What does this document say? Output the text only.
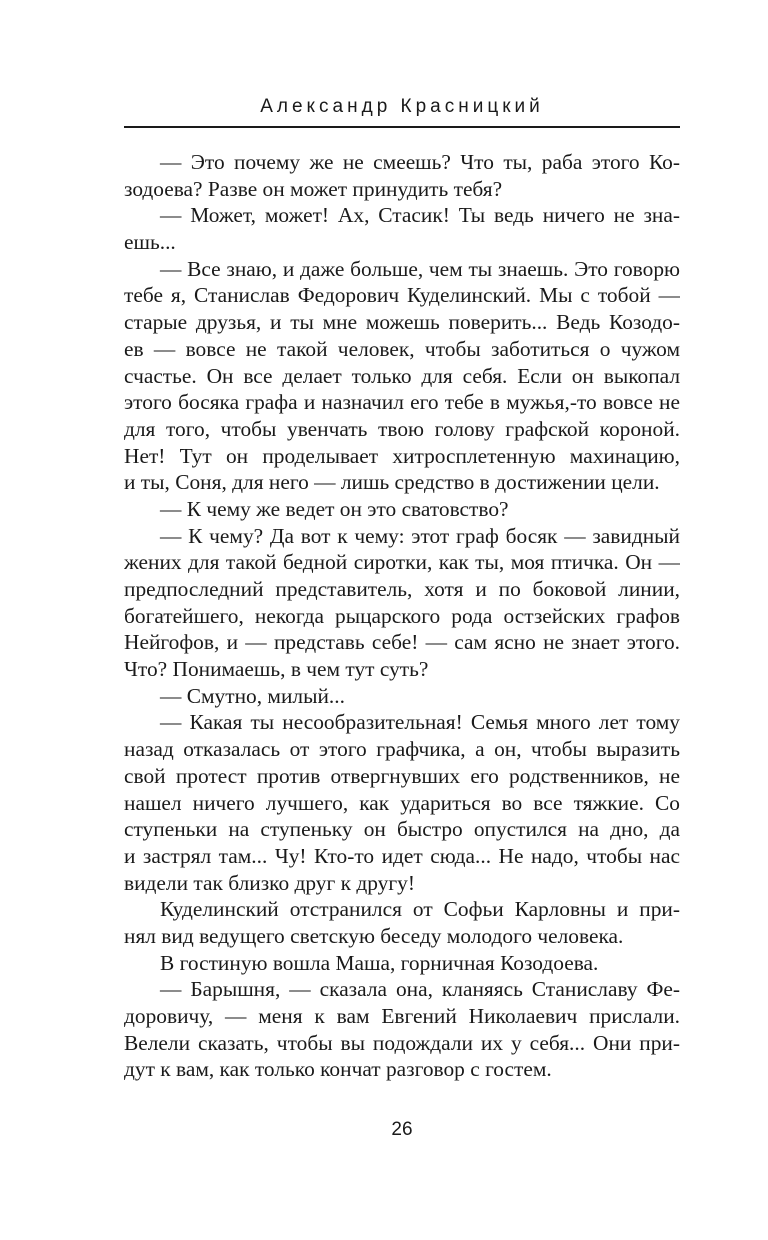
Александр Красницкий
— Это почему же не смеешь? Что ты, раба этого Ко-
зодоева? Разве он может принудить тебя?
— Может, может! Ах, Стасик! Ты ведь ничего не зна-
ешь...
— Все знаю, и даже больше, чем ты знаешь. Это говорю
тебе я, Станислав Федорович Куделинский. Мы с тобой —
старые друзья, и ты мне можешь поверить... Ведь Козодо-
ев — вовсе не такой человек, чтобы заботиться о чужом
счастье. Он все делает только для себя. Если он выкопал
этого босяка графа и назначил его тебе в мужья,-то вовсе не
для того, чтобы увенчать твою голову графской короной.
Нет! Тут он проделывает хитросплетенную махинацию,
и ты, Соня, для него — лишь средство в достижении цели.
— К чему же ведет он это сватовство?
— К чему? Да вот к чему: этот граф босяк — завидный
жених для такой бедной сиротки, как ты, моя птичка. Он —
предпоследний представитель, хотя и по боковой линии,
богатейшего, некогда рыцарского рода остзейских графов
Нейгофов, и — представь себе! — сам ясно не знает этого.
Что? Понимаешь, в чем тут суть?
— Смутно, милый...
— Какая ты несообразительная! Семья много лет тому
назад отказалась от этого графчика, а он, чтобы выразить
свой протест против отвергнувших его родственников, не
нашел ничего лучшего, как удариться во все тяжкие. Со
ступеньки на ступеньку он быстро опустился на дно, да
и застрял там... Чу! Кто-то идет сюда... Не надо, чтобы нас
видели так близко друг к другу!
Куделинский отстранился от Софьи Карловны и при-
нял вид ведущего светскую беседу молодого человека.
В гостиную вошла Маша, горничная Козодоева.
— Барышня, — сказала она, кланяясь Станиславу Фе-
доровичу, — меня к вам Евгений Николаевич прислали.
Велели сказать, чтобы вы подождали их у себя... Они при-
дут к вам, как только кончат разговор с гостем.
26
